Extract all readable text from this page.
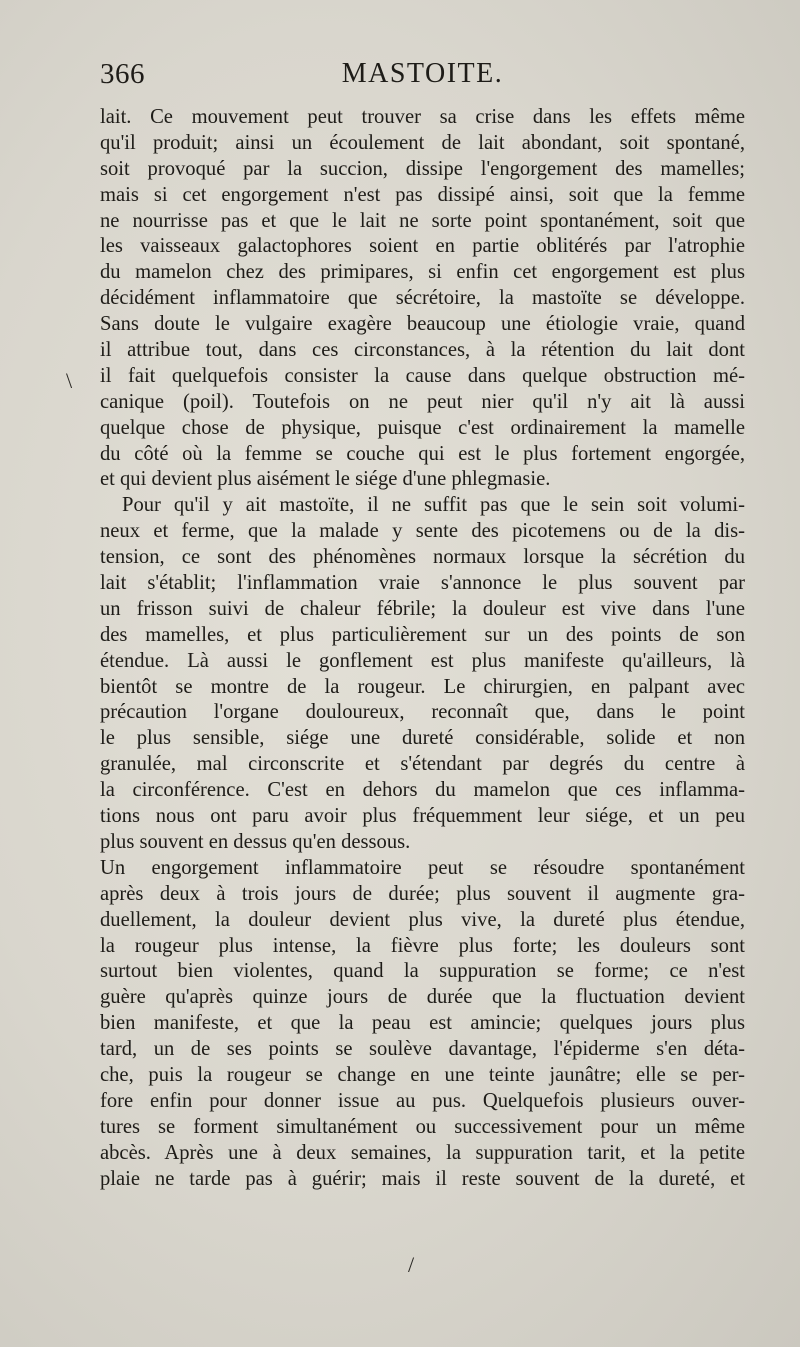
366	MASTOITE.
lait. Ce mouvement peut trouver sa crise dans les effets même
qu'il produit; ainsi un écoulement de lait abondant, soit spontané,
soit provoqué par la succion, dissipe l'engorgement des mamelles;
mais si cet engorgement n'est pas dissipé ainsi, soit que la femme
ne nourrisse pas et que le lait ne sorte point spontanément, soit que
les vaisseaux galactophores soient en partie oblitérés par l'atrophie
du mamelon chez des primipares, si enfin cet engorgement est plus
décidément inflammatoire que sécrétoire, la mastoïte se développe.
Sans doute le vulgaire exagère beaucoup une étiologie vraie, quand
il attribue tout, dans ces circonstances, à la rétention du lait dont
il fait quelquefois consister la cause dans quelque obstruction mé-
canique (poil). Toutefois on ne peut nier qu'il n'y ait là aussi
quelque chose de physique, puisque c'est ordinairement la mamelle
du côté où la femme se couche qui est le plus fortement engorgée,
et qui devient plus aisément le siége d'une phlegmasie.
Pour qu'il y ait mastoïte, il ne suffit pas que le sein soit volumi-
neux et ferme, que la malade y sente des picotemens ou de la dis-
tension, ce sont des phénomènes normaux lorsque la sécrétion du
lait s'établit; l'inflammation vraie s'annonce le plus souvent par
un frisson suivi de chaleur fébrile; la douleur est vive dans l'une
des mamelles, et plus particulièrement sur un des points de son
étendue. Là aussi le gonflement est plus manifeste qu'ailleurs, là
bientôt se montre de la rougeur. Le chirurgien, en palpant avec
précaution l'organe douloureux, reconnaît que, dans le point
le plus sensible, siége une dureté considérable, solide et non
granulée, mal circonscrite et s'étendant par degrés du centre à
la circonférence. C'est en dehors du mamelon que ces inflamma-
tions nous ont paru avoir plus fréquemment leur siége, et un peu
plus souvent en dessus qu'en dessous.
Un engorgement inflammatoire peut se résoudre spontanément
après deux à trois jours de durée; plus souvent il augmente gra-
duellement, la douleur devient plus vive, la dureté plus étendue,
la rougeur plus intense, la fièvre plus forte; les douleurs sont
surtout bien violentes, quand la suppuration se forme; ce n'est
guère qu'après quinze jours de durée que la fluctuation devient
bien manifeste, et que la peau est amincie; quelques jours plus
tard, un de ses points se soulève davantage, l'épiderme s'en déta-
che, puis la rougeur se change en une teinte jaunâtre; elle se per-
fore enfin pour donner issue au pus. Quelquefois plusieurs ouver-
tures se forment simultanément ou successivement pour un même
abcès. Après une à deux semaines, la suppuration tarit, et la petite
plaie ne tarde pas à guérir; mais il reste souvent de la dureté, et
\
/
